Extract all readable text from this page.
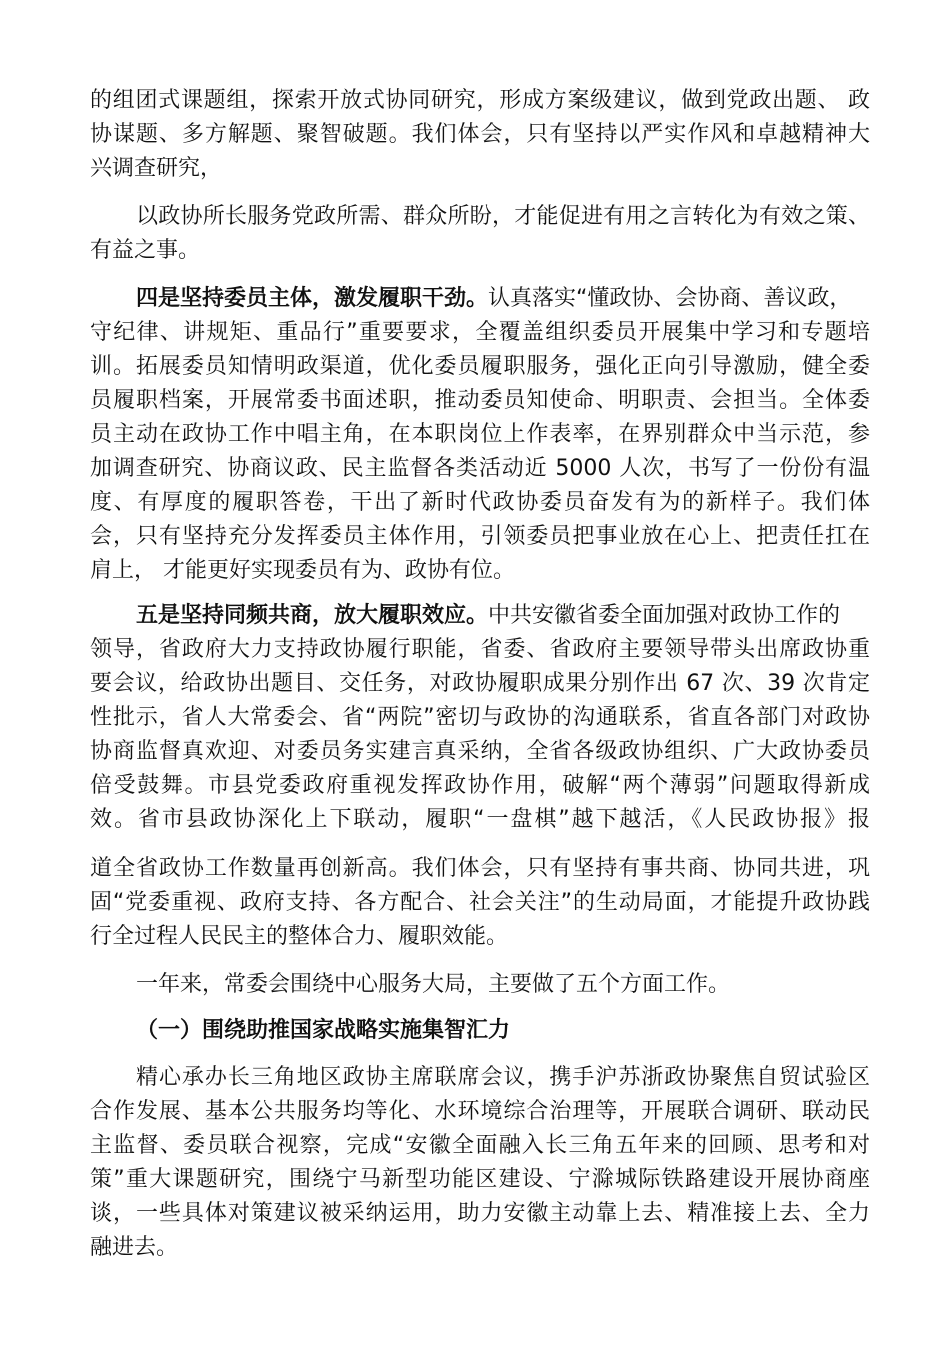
的组团式课题组，探索开放式协同研究，形成方案级建议，做到党政出题、 政
协谋题、多方解题、聚智破题。我们体会，只有坚持以严实作风和卓越精神大
兴调查研究，
以政协所长服务党政所需、群众所盼，才能促进有用之言转化为有效之策、
有益之事。
四是坚持委员主体，激发履职干劲。认真落实“懂政协、会协商、善议政，
守纪律、讲规矩、重品行”重要要求，全覆盖组织委员开展集中学习和专题培
训。拓展委员知情明政渠道，优化委员履职服务，强化正向引导激励，健全委
员履职档案，开展常委书面述职，推动委员知使命、明职责、会担当。全体委
员主动在政协工作中唱主角，在本职岗位上作表率，在界别群众中当示范，参
加调查研究、协商议政、民主监督各类活动近 5000 人次，书写了一份份有温
度、有厚度的履职答卷，干出了新时代政协委员奋发有为的新样子。我们体
会，只有坚持充分发挥委员主体作用，引领委员把事业放在心上、把责任扛在
肩上， 才能更好实现委员有为、政协有位。
五是坚持同频共商，放大履职效应。中共安徽省委全面加强对政协工作的
领导，省政府大力支持政协履行职能，省委、省政府主要领导带头出席政协重
要会议，给政协出题目、交任务，对政协履职成果分别作出 67 次、39 次肯定
性批示，省人大常委会、省“两院”密切与政协的沟通联系，省直各部门对政协
协商监督真欢迎、对委员务实建言真采纳，全省各级政协组织、广大政协委员
倍受鼓舞。市县党委政府重视发挥政协作用，破解“两个薄弱”问题取得新成
效。省市县政协深化上下联动，履职“一盘棋”越下越活，《人民政协报》报
道全省政协工作数量再创新高。我们体会，只有坚持有事共商、协同共进，巩
固“党委重视、政府支持、各方配合、社会关注”的生动局面，才能提升政协践
行全过程人民民主的整体合力、履职效能。
一年来，常委会围绕中心服务大局，主要做了五个方面工作。
（一）围绕助推国家战略实施集智汇力
精心承办长三角地区政协主席联席会议，携手沪苏浙政协聚焦自贸试验区
合作发展、基本公共服务均等化、水环境综合治理等，开展联合调研、联动民
主监督、委员联合视察，完成“安徽全面融入长三角五年来的回顾、思考和对
策”重大课题研究，围绕宁马新型功能区建设、宁滁城际铁路建设开展协商座
谈，一些具体对策建议被采纳运用，助力安徽主动靠上去、精准接上去、全力
融进去。
